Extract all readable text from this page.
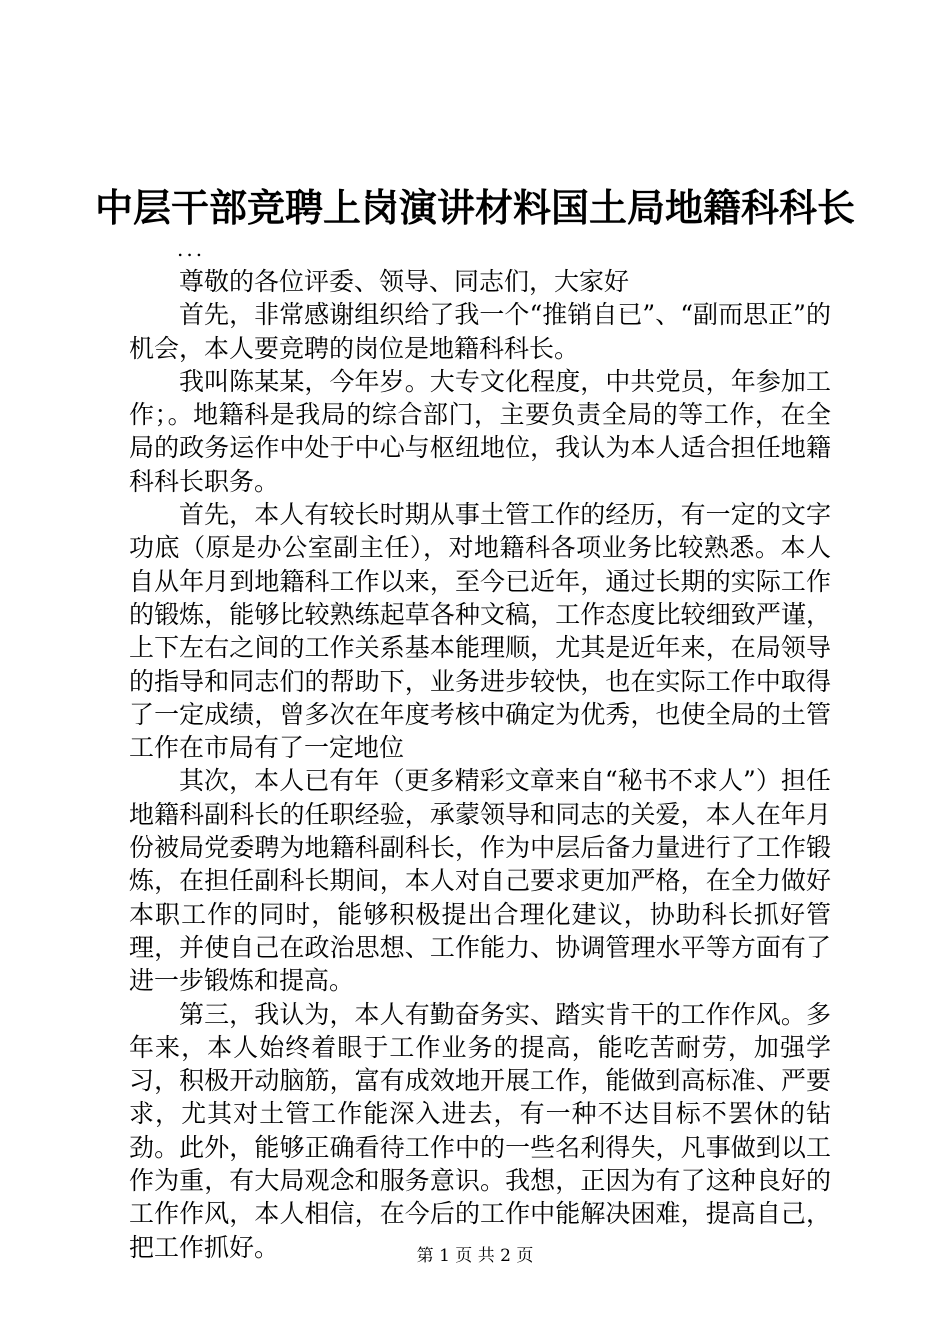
中层干部竞聘上岗演讲材料国土局地籍科科长
...

尊敬的各位评委、领导、同志们，大家好

首先，非常感谢组织给了我一个“推销自已”、“副而思正”的机会，本人要竞聘的岗位是地籍科科长。

我叫陈某某，今年岁。大专文化程度，中共党员，年参加工作；。地籍科是我局的综合部门，主要负责全局的等工作，在全局的政务运作中处于中心与枢纽地位，我认为本人适合担任地籍科科长职务。

首先，本人有较长时期从事土管工作的经历，有一定的文字功底（原是办公室副主任），对地籍科各项业务比较熟悉。本人自从年月到地籍科工作以来，至今已近年，通过长期的实际工作的锻炼，能够比较熟练起草各种文稿，工作态度比较细致严谨，上下左右之间的工作关系基本能理顺，尤其是近年来，在局领导的指导和同志们的帮助下，业务进步较快，也在实际工作中取得了一定成绩，曾多次在年度考核中确定为优秀，也使全局的土管工作在市局有了一定地位

其次，本人已有年（更多精彩文章来自“秘书不求人”）担任地籍科副科长的任职经验，承蒙领导和同志的关爱，本人在年月份被局党委聘为地籍科副科长，作为中层后备力量进行了工作锻炼，在担任副科长期间，本人对自己要求更加严格，在全力做好本职工作的同时，能够积极提出合理化建议，协助科长抓好管理，并使自己在政治思想、工作能力、协调管理水平等方面有了进一步锻炼和提高。

第三，我认为，本人有勤奋务实、踏实肯干的工作作风。多年来，本人始终着眼于工作业务的提高，能吃苦耐劳，加强学习，积极开动脑筋，富有成效地开展工作，能做到高标准、严要求，尤其对土管工作能深入进去，有一种不达目标不罢休的钻劲。此外，能够正确看待工作中的一些名利得失，凡事做到以工作为重，有大局观念和服务意识。我想，正因为有了这种良好的工作作风，本人相信，在今后的工作中能解决困难，提高自己，把工作抓好。	第 1 页 共 2 页
